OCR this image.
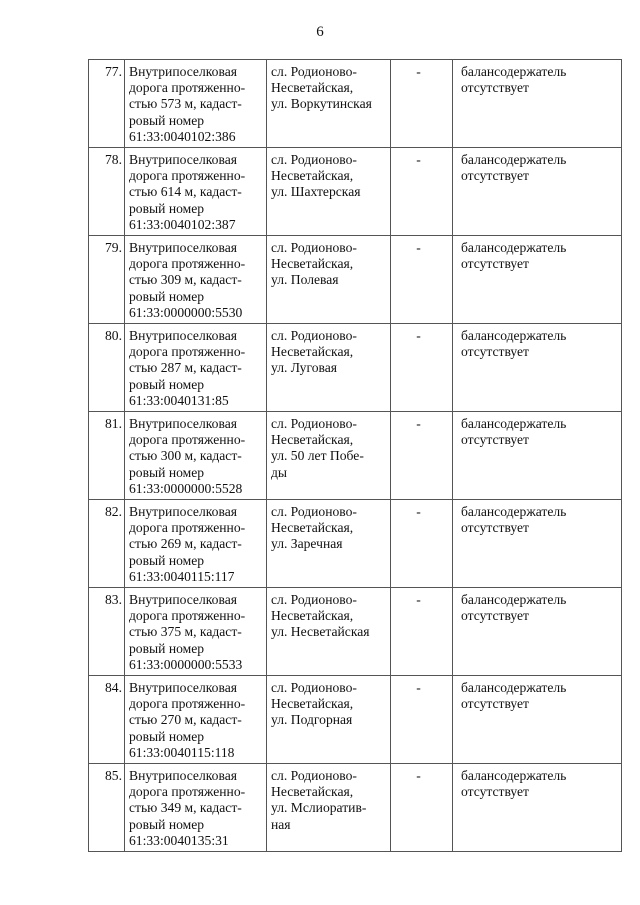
6
77.	Внутрипоселковая
дорога протяженно-
стью 573 м, кадаст-
ровый номер
61:33:0040102:386	сл. Родионово-
Несветайская,
ул. Воркутинская	-	балансодержатель
отсутствует

78.	Внутрипоселковая
дорога протяженно-
стью 614 м, кадаст-
ровый номер
61:33:0040102:387	сл. Родионово-
Несветайская,
ул. Шахтерская	-	балансодержатель
отсутствует

79.	Внутрипоселковая
дорога протяженно-
стью 309 м, кадаст-
ровый номер
61:33:0000000:5530	сл. Родионово-
Несветайская,
ул. Полевая	-	балансодержатель
отсутствует

80.	Внутрипоселковая
дорога протяженно-
стью 287 м, кадаст-
ровый номер
61:33:0040131:85	сл. Родионово-
Несветайская,
ул. Луговая	-	балансодержатель
отсутствует

81.	Внутрипоселковая
дорога протяженно-
стью 300 м, кадаст-
ровый номер
61:33:0000000:5528	сл. Родионово-
Несветайская,
ул. 50 лет Побе-
ды	-	балансодержатель
отсутствует

82.	Внутрипоселковая
дорога протяженно-
стью 269 м, кадаст-
ровый номер
61:33:0040115:117	сл. Родионово-
Несветайская,
ул. Заречная	-	балансодержатель
отсутствует

83.	Внутрипоселковая
дорога протяженно-
стью 375 м, кадаст-
ровый номер
61:33:0000000:5533	сл. Родионово-
Несветайская,
ул. Несветайская	-	балансодержатель
отсутствует

84.	Внутрипоселковая
дорога протяженно-
стью 270 м, кадаст-
ровый номер
61:33:0040115:118	сл. Родионово-
Несветайская,
ул. Подгорная	-	балансодержатель
отсутствует

85.	Внутрипоселковая
дорога протяженно-
стью 349 м, кадаст-
ровый номер
61:33:0040135:31	сл. Родионово-
Несветайская,
ул. Мслиоратив-
ная	-	балансодержатель
отсутствует
